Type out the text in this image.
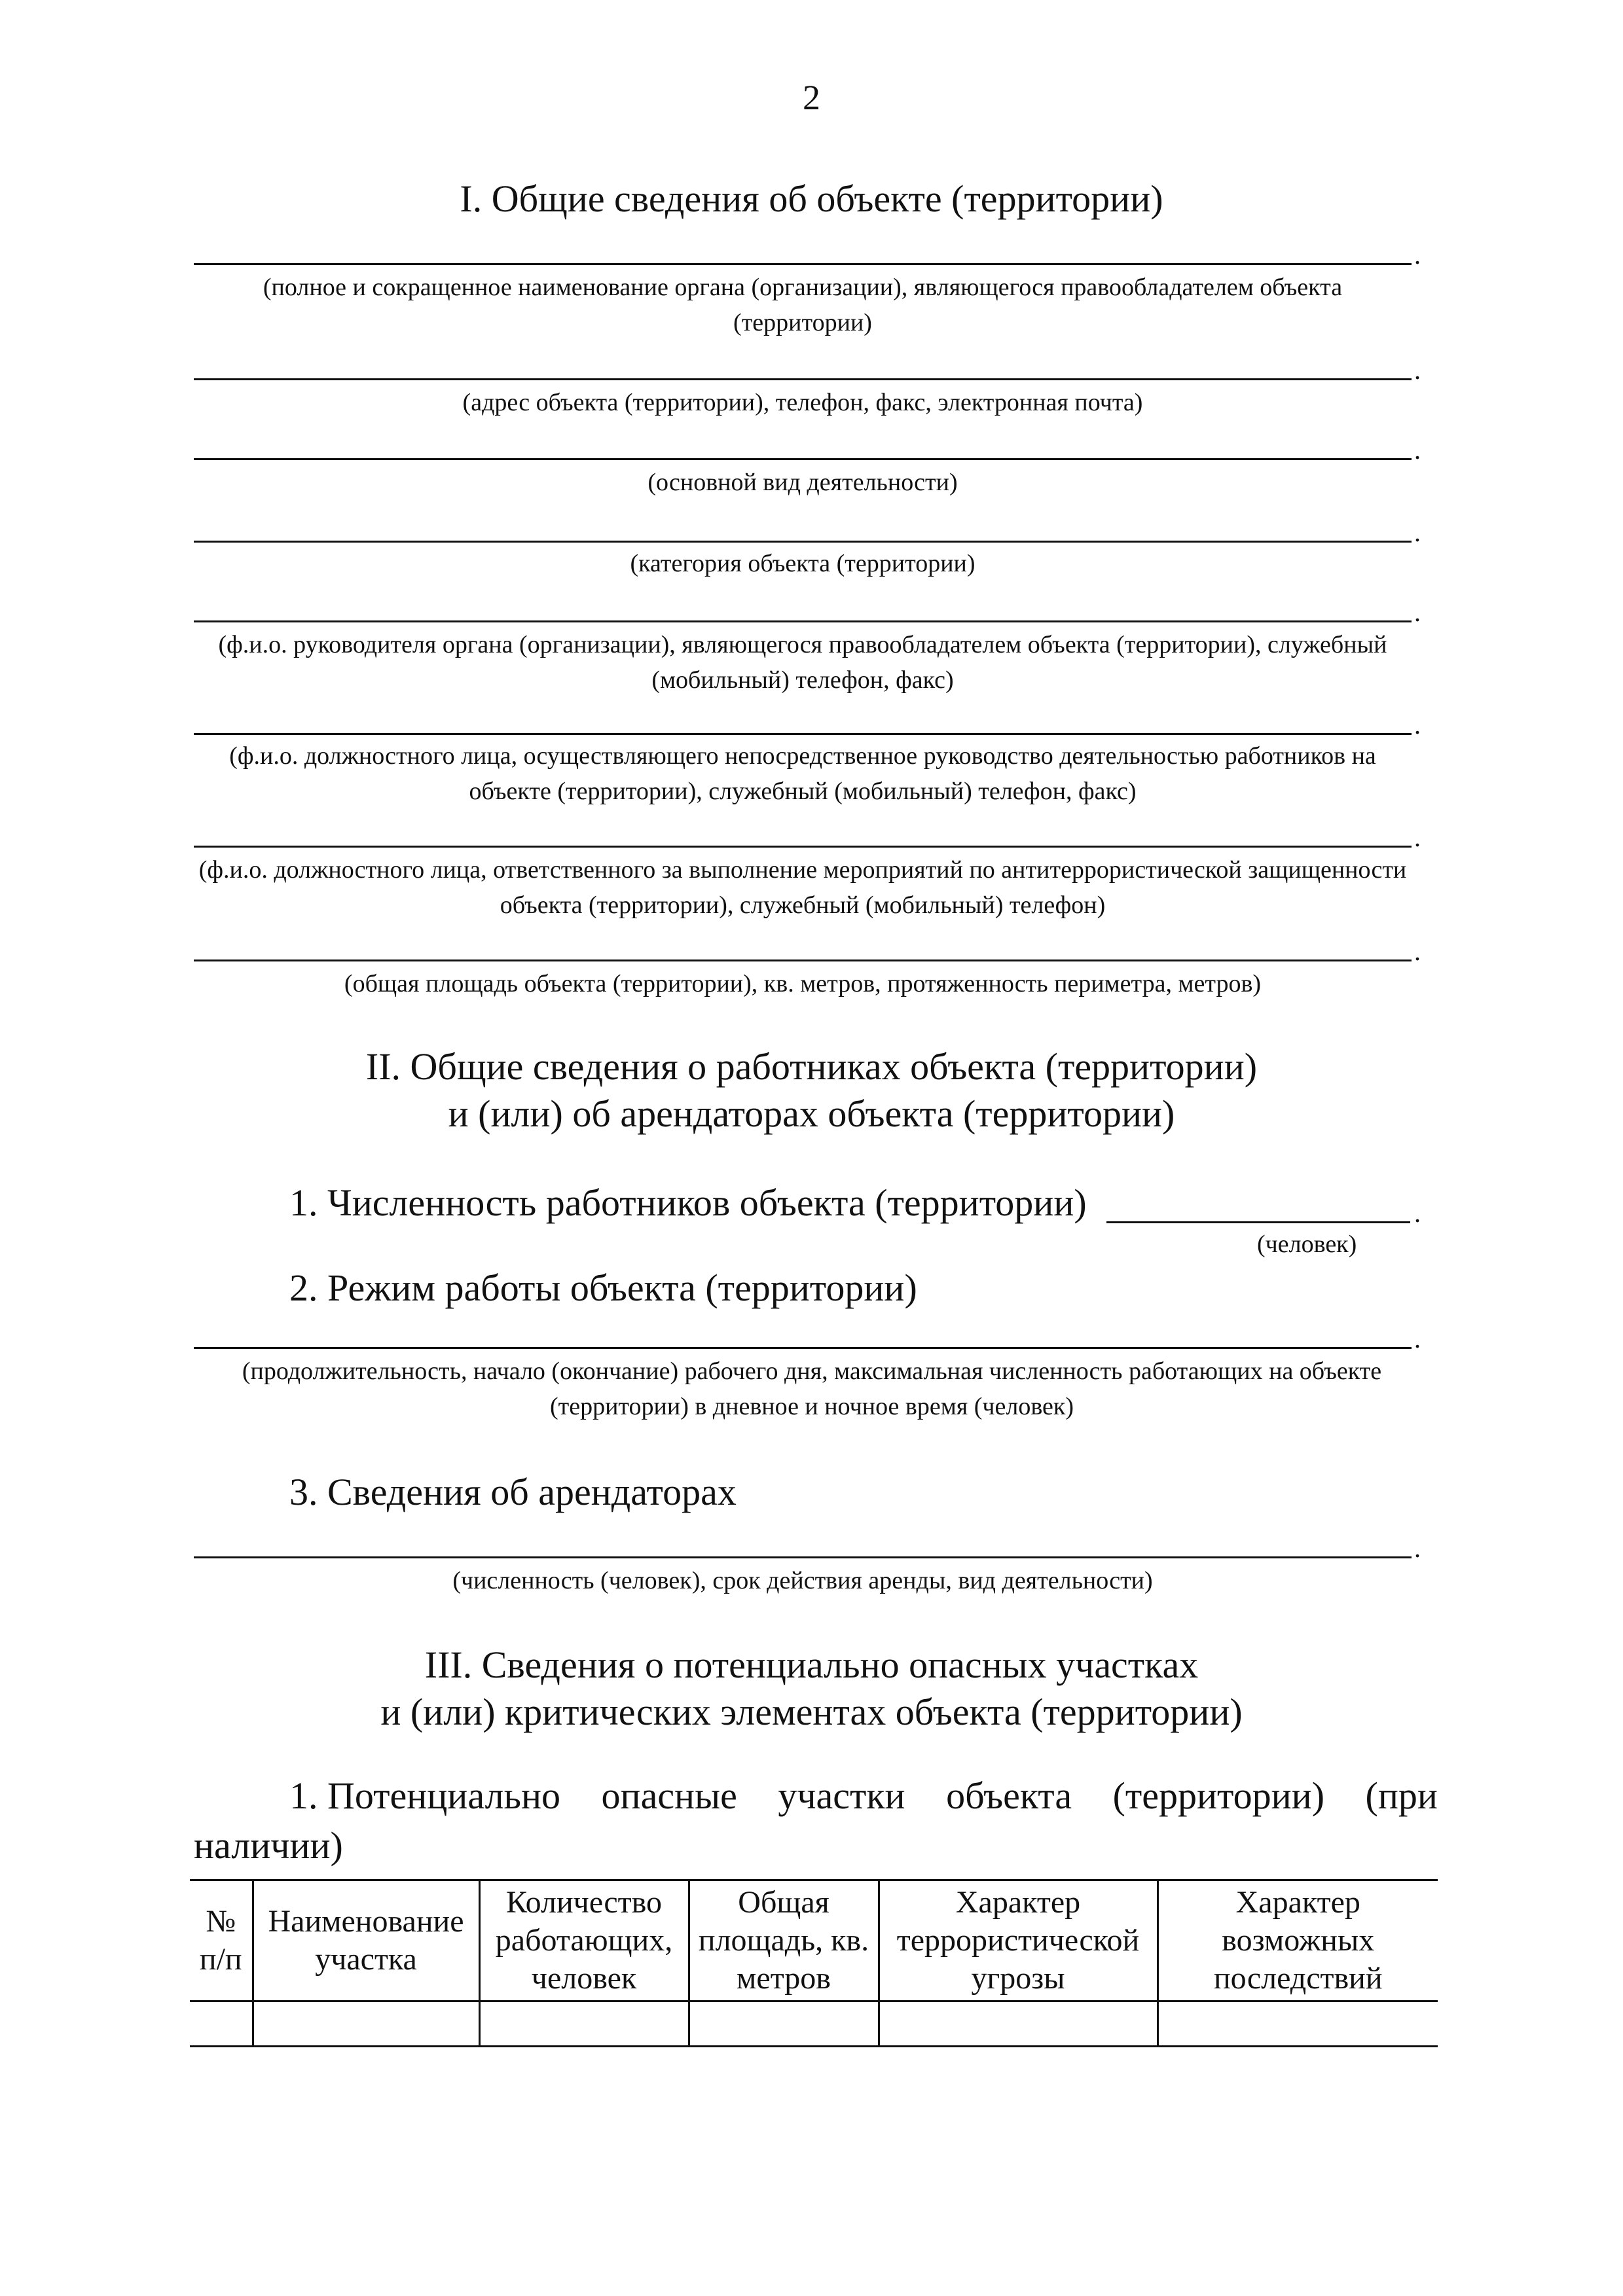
2
I. Общие сведения об объекте (территории)
.
(полное и сокращенное наименование органа (организации), являющегося правообладателем объекта (территории)
.
(адрес объекта (территории), телефон, факс, электронная почта)
.
(основной вид деятельности)
.
(категория объекта (территории)
.
(ф.и.о. руководителя органа (организации), являющегося правообладателем объекта (территории), служебный (мобильный) телефон, факс)
.
(ф.и.о. должностного лица, осуществляющего непосредственное руководство деятельностью работников на объекте (территории), служебный (мобильный) телефон, факс)
.
(ф.и.о. должностного лица, ответственного за выполнение мероприятий по антитеррористической защищенности объекта (территории), служебный (мобильный) телефон)
.
(общая площадь объекта (территории), кв. метров, протяженность периметра, метров)
II. Общие сведения о работниках объекта (территории)
и (или) об арендаторах объекта (территории)
1. Численность работников объекта (территории)	.
(человек)
2. Режим работы объекта (территории)
.
(продолжительность, начало (окончание) рабочего дня, максимальная численность работающих на объекте (территории) в дневное и ночное время (человек)
3. Сведения об арендаторах
.
(численность (человек), срок действия аренды, вид деятельности)
III. Сведения о потенциально опасных участках
и (или) критических элементах объекта (территории)
1. Потенциально опасные участки объекта (территории) (при
наличии)
№ п/п	Наименование участка	Количество работающих, человек	Общая площадь, кв. метров	Характер террористической угрозы	Характер возможных последствий
